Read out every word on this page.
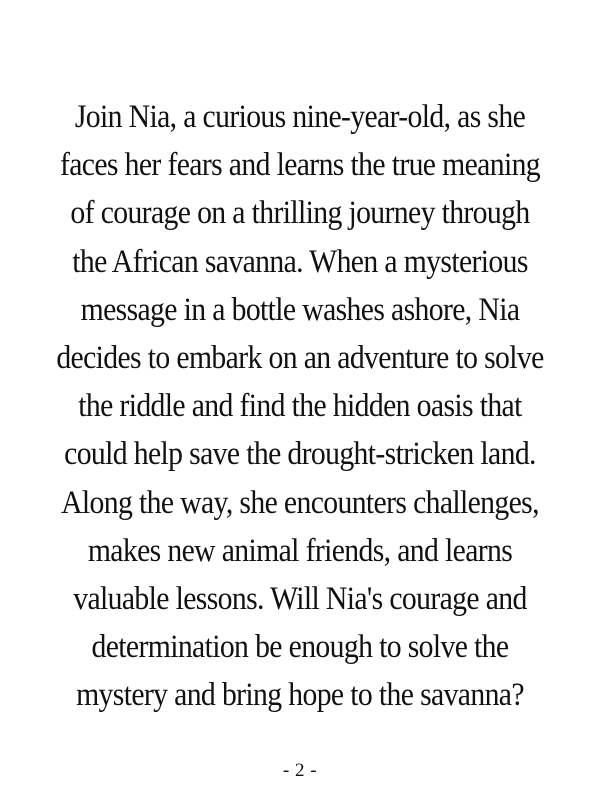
Join Nia, a curious nine-year-old, as she
faces her fears and learns the true meaning
of courage on a thrilling journey through
the African savanna. When a mysterious
message in a bottle washes ashore, Nia
decides to embark on an adventure to solve
the riddle and find the hidden oasis that
could help save the drought-stricken land.
Along the way, she encounters challenges,
makes new animal friends, and learns
valuable lessons. Will Nia's courage and
determination be enough to solve the
mystery and bring hope to the savanna?

- 2 -
